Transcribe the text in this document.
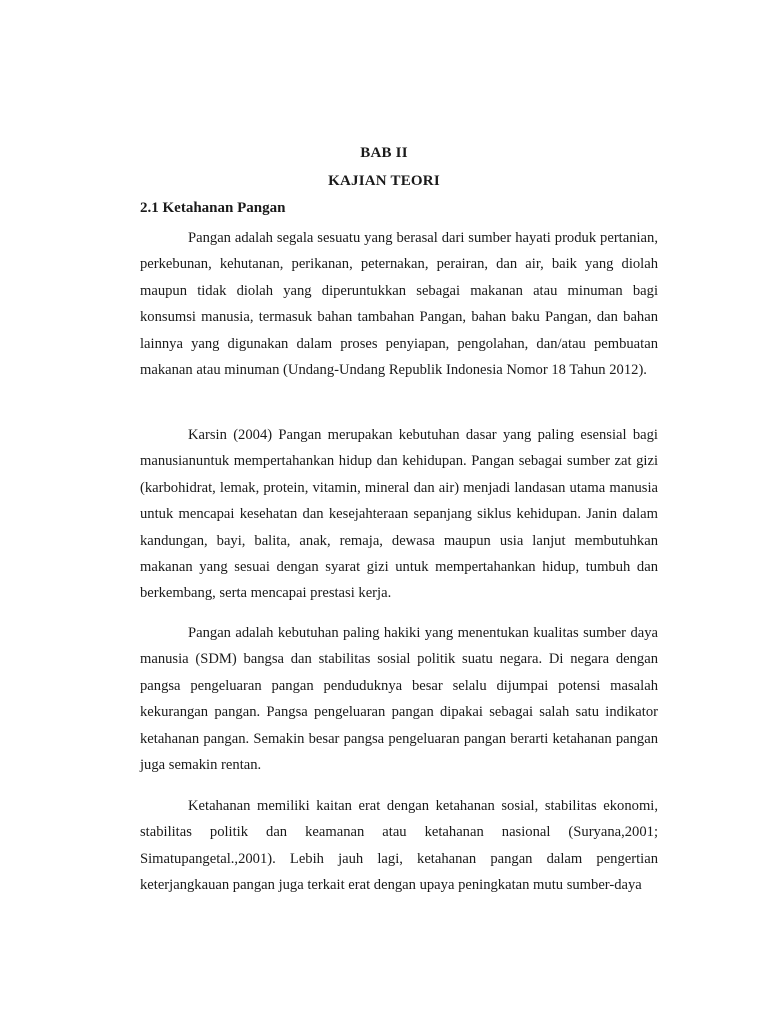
BAB II
KAJIAN TEORI
2.1 Ketahanan Pangan

Pangan adalah segala sesuatu yang berasal dari sumber hayati produk pertanian, perkebunan, kehutanan, perikanan, peternakan, perairan, dan air, baik yang diolah maupun tidak diolah yang diperuntukkan sebagai makanan atau minuman bagi konsumsi manusia, termasuk bahan tambahan Pangan, bahan baku Pangan, dan bahan lainnya yang digunakan dalam proses penyiapan, pengolahan, dan/atau pembuatan makanan atau minuman (Undang-Undang Republik Indonesia Nomor 18 Tahun 2012).

Karsin (2004) Pangan merupakan kebutuhan dasar yang paling esensial bagi manusianuntuk mempertahankan hidup dan kehidupan. Pangan sebagai sumber zat gizi (karbohidrat, lemak, protein, vitamin, mineral dan air) menjadi landasan utama manusia untuk mencapai kesehatan dan kesejahteraan sepanjang siklus kehidupan. Janin dalam kandungan, bayi, balita, anak, remaja, dewasa maupun usia lanjut membutuhkan makanan yang sesuai dengan syarat gizi untuk mempertahankan hidup, tumbuh dan berkembang, serta mencapai prestasi kerja.

Pangan adalah kebutuhan paling hakiki yang menentukan kualitas sumber daya manusia (SDM) bangsa dan stabilitas sosial politik suatu negara. Di negara dengan pangsa pengeluaran pangan penduduknya besar selalu dijumpai potensi masalah kekurangan pangan. Pangsa pengeluaran pangan dipakai sebagai salah satu indikator ketahanan pangan. Semakin besar pangsa pengeluaran pangan berarti ketahanan pangan juga semakin rentan.

Ketahanan memiliki kaitan erat dengan ketahanan sosial, stabilitas ekonomi, stabilitas politik dan keamanan atau ketahanan nasional (Suryana,2001; Simatupangetal.,2001). Lebih jauh lagi, ketahanan pangan dalam pengertian keterjangkauan pangan juga terkait erat dengan upaya peningkatan mutu sumber-daya
